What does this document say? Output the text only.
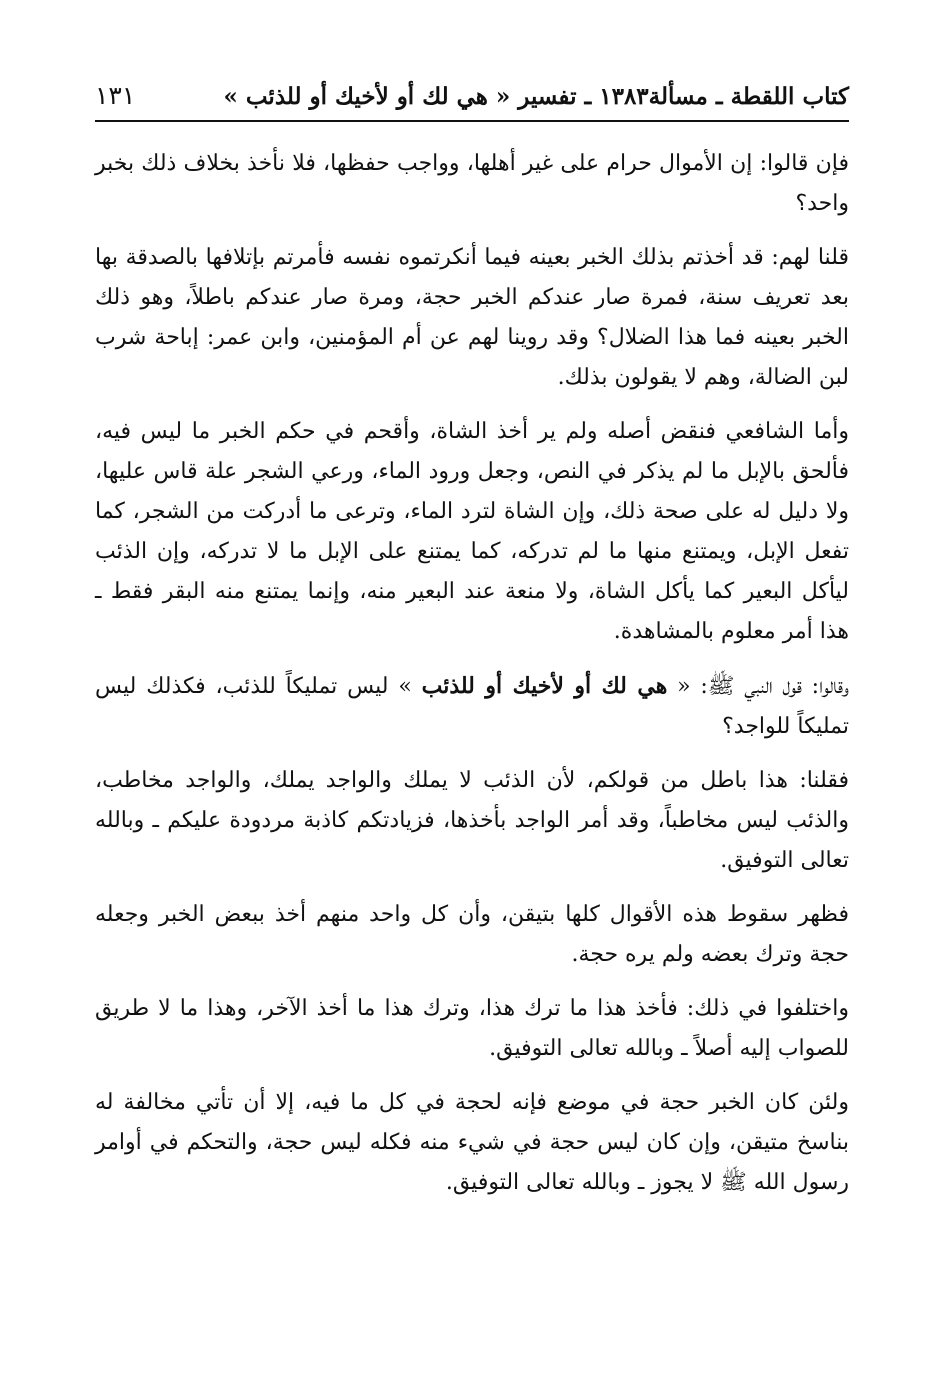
كتاب اللقطة ـ مسألة١٣٨٣ ـ تفسير « هي لك أو لأخيك أو للذئب »
١٣١

فإن قالوا: إن الأموال حرام على غير أهلها، وواجب حفظها، فلا نأخذ بخلاف ذلك بخبر واحد؟

قلنا لهم: قد أخذتم بذلك الخبر بعينه فيما أنكرتموه نفسه فأمرتم بإتلافها بالصدقة بها بعد تعريف سنة، فمرة صار عندكم الخبر حجة، ومرة صار عندكم باطلاً، وهو ذلك الخبر بعينه فما هذا الضلال؟ وقد روينا لهم عن أم المؤمنين، وابن عمر: إباحة شرب لبن الضالة، وهم لا يقولون بذلك.

وأما الشافعي فنقض أصله ولم ير أخذ الشاة، وأقحم في حكم الخبر ما ليس فيه، فألحق بالإبل ما لم يذكر في النص، وجعل ورود الماء، ورعي الشجر علة قاس عليها، ولا دليل له على صحة ذلك، وإن الشاة لترد الماء، وترعى ما أدركت من الشجر، كما تفعل الإبل، ويمتنع منها ما لم تدركه، كما يمتنع على الإبل ما لا تدركه، وإن الذئب ليأكل البعير كما يأكل الشاة، ولا منعة عند البعير منه، وإنما يمتنع منه البقر فقط ـ هذا أمر معلوم بالمشاهدة.

وقالوا: قول النبي ﷺ: « هي لك أو لأخيك أو للذئب » ليس تمليكاً للذئب، فكذلك ليس تمليكاً للواجد؟

فقلنا: هذا باطل من قولكم، لأن الذئب لا يملك والواجد يملك، والواجد مخاطب، والذئب ليس مخاطباً، وقد أمر الواجد بأخذها، فزيادتكم كاذبة مردودة عليكم ـ وبالله تعالى التوفيق.

فظهر سقوط هذه الأقوال كلها بتيقن، وأن كل واحد منهم أخذ ببعض الخبر وجعله حجة وترك بعضه ولم يره حجة.

واختلفوا في ذلك: فأخذ هذا ما ترك هذا، وترك هذا ما أخذ الآخر، وهذا ما لا طريق للصواب إليه أصلاً ـ وبالله تعالى التوفيق.

ولئن كان الخبر حجة في موضع فإنه لحجة في كل ما فيه، إلا أن تأتي مخالفة له بناسخ متيقن، وإن كان ليس حجة في شيء منه فكله ليس حجة، والتحكم في أوامر رسول الله ﷺ لا يجوز ـ وبالله تعالى التوفيق.
